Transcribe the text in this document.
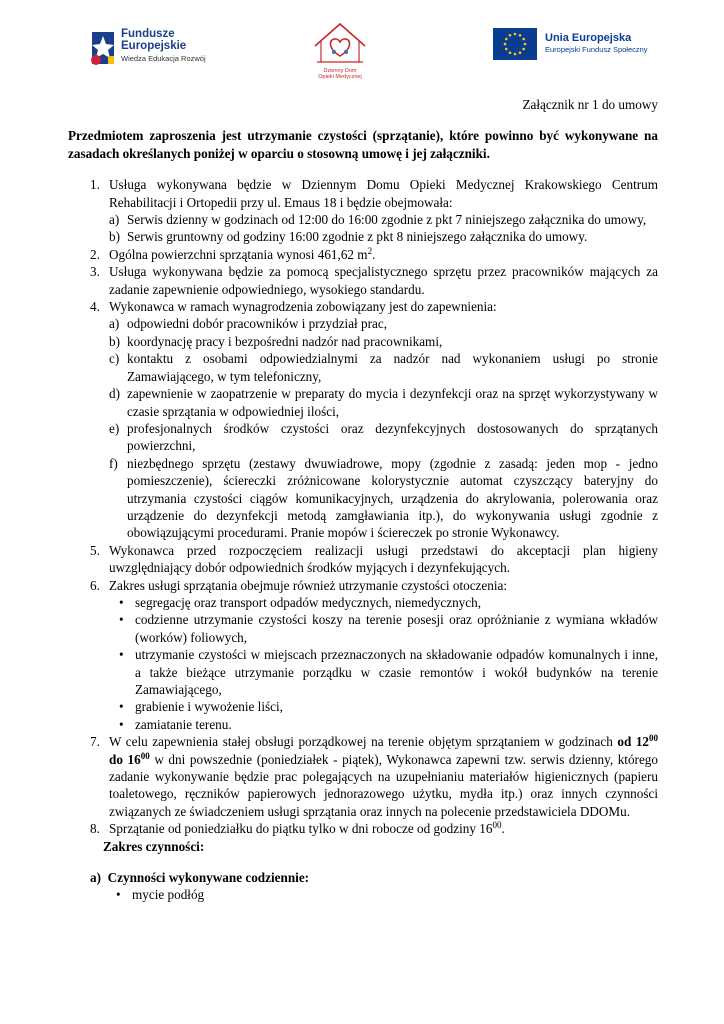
Fundusze
Europejskie
Wiedza Edukacja Rozwój
Dzienny Dom
Opieki Medycznej
Unia Europejska
Europejski Fundusz Społeczny

Załącznik nr 1 do umowy

Przedmiotem zaproszenia jest utrzymanie czystości (sprzątanie), które powinno być wykonywane na zasadach określanych poniżej w oparciu o stosowną umowę i jej załączniki.

1. Usługa wykonywana będzie w Dziennym Domu Opieki Medycznej Krakowskiego Centrum Rehabilitacji i Ortopedii przy ul. Emaus 18 i będzie obejmowała:
a) Serwis dzienny w godzinach od 12:00 do 16:00 zgodnie z pkt 7 niniejszego załącznika do umowy,
b) Serwis gruntowny od godziny 16:00 zgodnie z pkt 8 niniejszego załącznika do umowy.
2. Ogólna powierzchni sprzątania wynosi 461,62 $m^2$.
3. Usługa wykonywana będzie za pomocą specjalistycznego sprzętu przez pracowników mających za zadanie zapewnienie odpowiedniego, wysokiego standardu.
4. Wykonawca w ramach wynagrodzenia zobowiązany jest do zapewnienia:
a) odpowiedni dobór pracowników i przydział prac,
b) koordynację pracy i bezpośredni nadzór nad pracownikami,
c) kontaktu z osobami odpowiedzialnymi za nadzór nad wykonaniem usługi po stronie Zamawiającego, w tym telefoniczny,
d) zapewnienie w zaopatrzenie w preparaty do mycia i dezynfekcji oraz na sprzęt wykorzystywany w czasie sprzątania w odpowiedniej ilości,
e) profesjonalnych środków czystości oraz dezynfekcyjnych dostosowanych do sprzątanych powierzchni,
f) niezbędnego sprzętu (zestawy dwuwiadrowe, mopy (zgodnie z zasadą: jeden mop - jedno pomieszczenie), ściereczki zróżnicowane kolorystycznie automat czyszczący bateryjny do utrzymania czystości ciągów komunikacyjnych, urządzenia do akrylowania, polerowania oraz urządzenie do dezynfekcji metodą zamgławiania itp.), do wykonywania usługi zgodnie z obowiązującymi procedurami. Pranie mopów i ściereczek po stronie Wykonawcy.
5. Wykonawca przed rozpoczęciem realizacji usługi przedstawi do akceptacji plan higieny uwzględniający dobór odpowiednich środków myjących i dezynfekujących.
6. Zakres usługi sprzątania obejmuje również utrzymanie czystości otoczenia:
• segregację oraz transport odpadów medycznych, niemedycznych,
• codzienne utrzymanie czystości koszy na terenie posesji oraz opróżnianie z wymiana wkładów (worków) foliowych,
• utrzymanie czystości w miejscach przeznaczonych na składowanie odpadów komunalnych i inne, a także bieżące utrzymanie porządku w czasie remontów i wokół budynków na terenie Zamawiającego,
• grabienie i wywożenie liści,
• zamiatanie terenu.
7. W celu zapewnienia stałej obsługi porządkowej na terenie objętym sprzątaniem w godzinach od $12^{00}$ do $16^{00}$ w dni powszednie (poniedziałek - piątek), Wykonawca zapewni tzw. serwis dzienny, którego zadanie wykonywanie będzie prac polegających na uzupełnianiu materiałów higienicznych (papieru toaletowego, ręczników papierowych jednorazowego użytku, mydła itp.) oraz innych czynności związanych ze świadczeniem usługi sprzątania oraz innych na polecenie przedstawiciela DDOMu.
8. Sprzątanie od poniedziałku do piątku tylko w dni robocze od godziny $16^{00}$.

Zakres czynności:

a) Czynności wykonywane codziennie:

• mycie podłóg
